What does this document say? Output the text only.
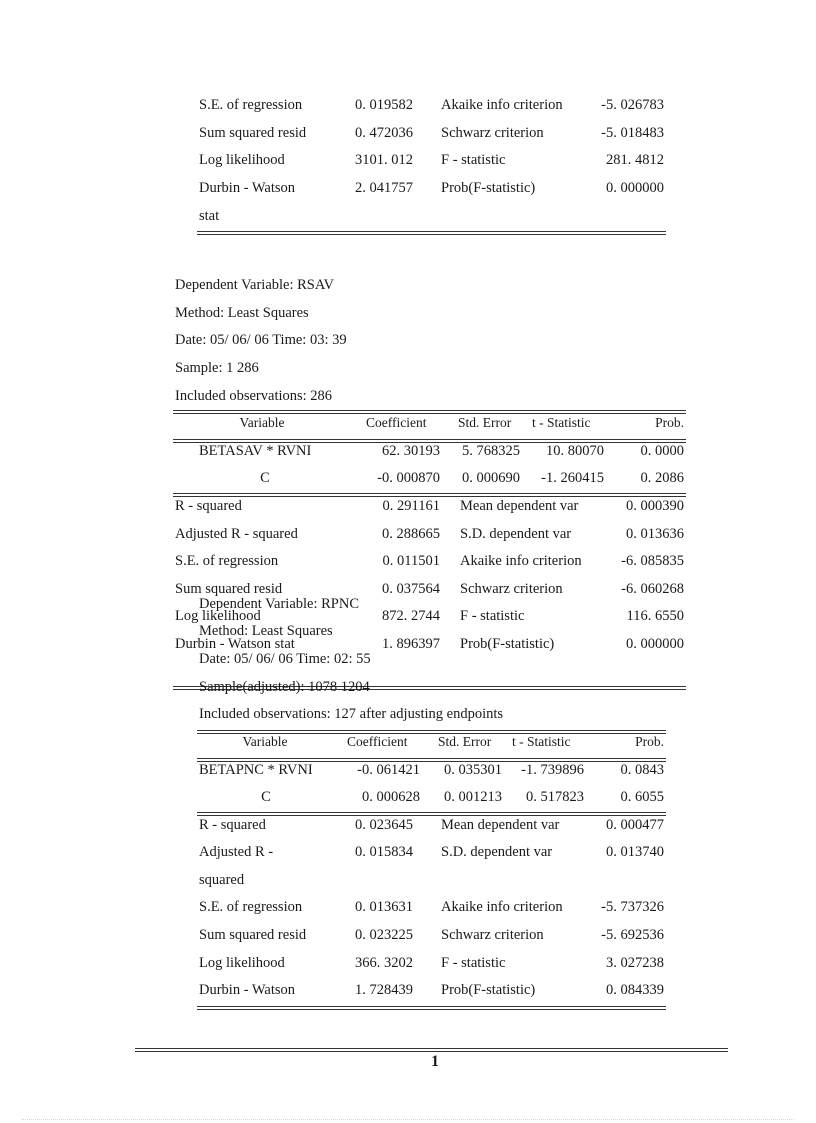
S.E. of regression	0. 019582 Akaike info criterion	-5. 026783
Sum squared resid	0. 472036 Schwarz criterion	-5. 018483
Log likelihood	3101. 012 F - statistic	281. 4812
Durbin - Watson	2. 041757 Prob(F-statistic)	0. 000000
stat
Dependent Variable: RSAV
Method: Least Squares
Date: 05/ 06/ 06 Time: 03: 39
Sample: 1 286
Included observations: 286
Variable	Coefficient Std. Error t - Statistic	Prob.
BETASAV * RVNI	62. 30193	5. 768325	10. 80070	0. 0000
C	-0. 000870	0. 000690	-1. 260415	0. 2086
R - squared	0. 291161 Mean dependent var	0. 000390
Adjusted R - squared	0. 288665 S.D. dependent var	0. 013636
S.E. of regression	0. 011501 Akaike info criterion	-6. 085835
Sum squared resid	0. 037564 Schwarz criterion	-6. 060268
Log likelihood	872. 2744 F - statistic	116. 6550
Durbin - Watson stat	1. 896397 Prob(F-statistic)	0. 000000
Dependent Variable: RPNC
Method: Least Squares
Date: 05/ 06/ 06 Time: 02: 55
Sample(adjusted): 1078 1204
Included observations: 127 after adjusting endpoints
Variable	Coefficient Std. Error t - Statistic	Prob.
BETAPNC * RVNI	-0. 061421	0. 035301	-1. 739896	0. 0843
C	0. 000628	0. 001213	0. 517823	0. 6055
R - squared	0. 023645 Mean dependent var	0. 000477
Adjusted R -	0. 015834 S.D. dependent var	0. 013740
squared
S.E. of regression	0. 013631 Akaike info criterion	-5. 737326
Sum squared resid	0. 023225 Schwarz criterion	-5. 692536
Log likelihood	366. 3202 F - statistic	3. 027238
Durbin - Watson	1. 728439 Prob(F-statistic)	0. 084339
1
